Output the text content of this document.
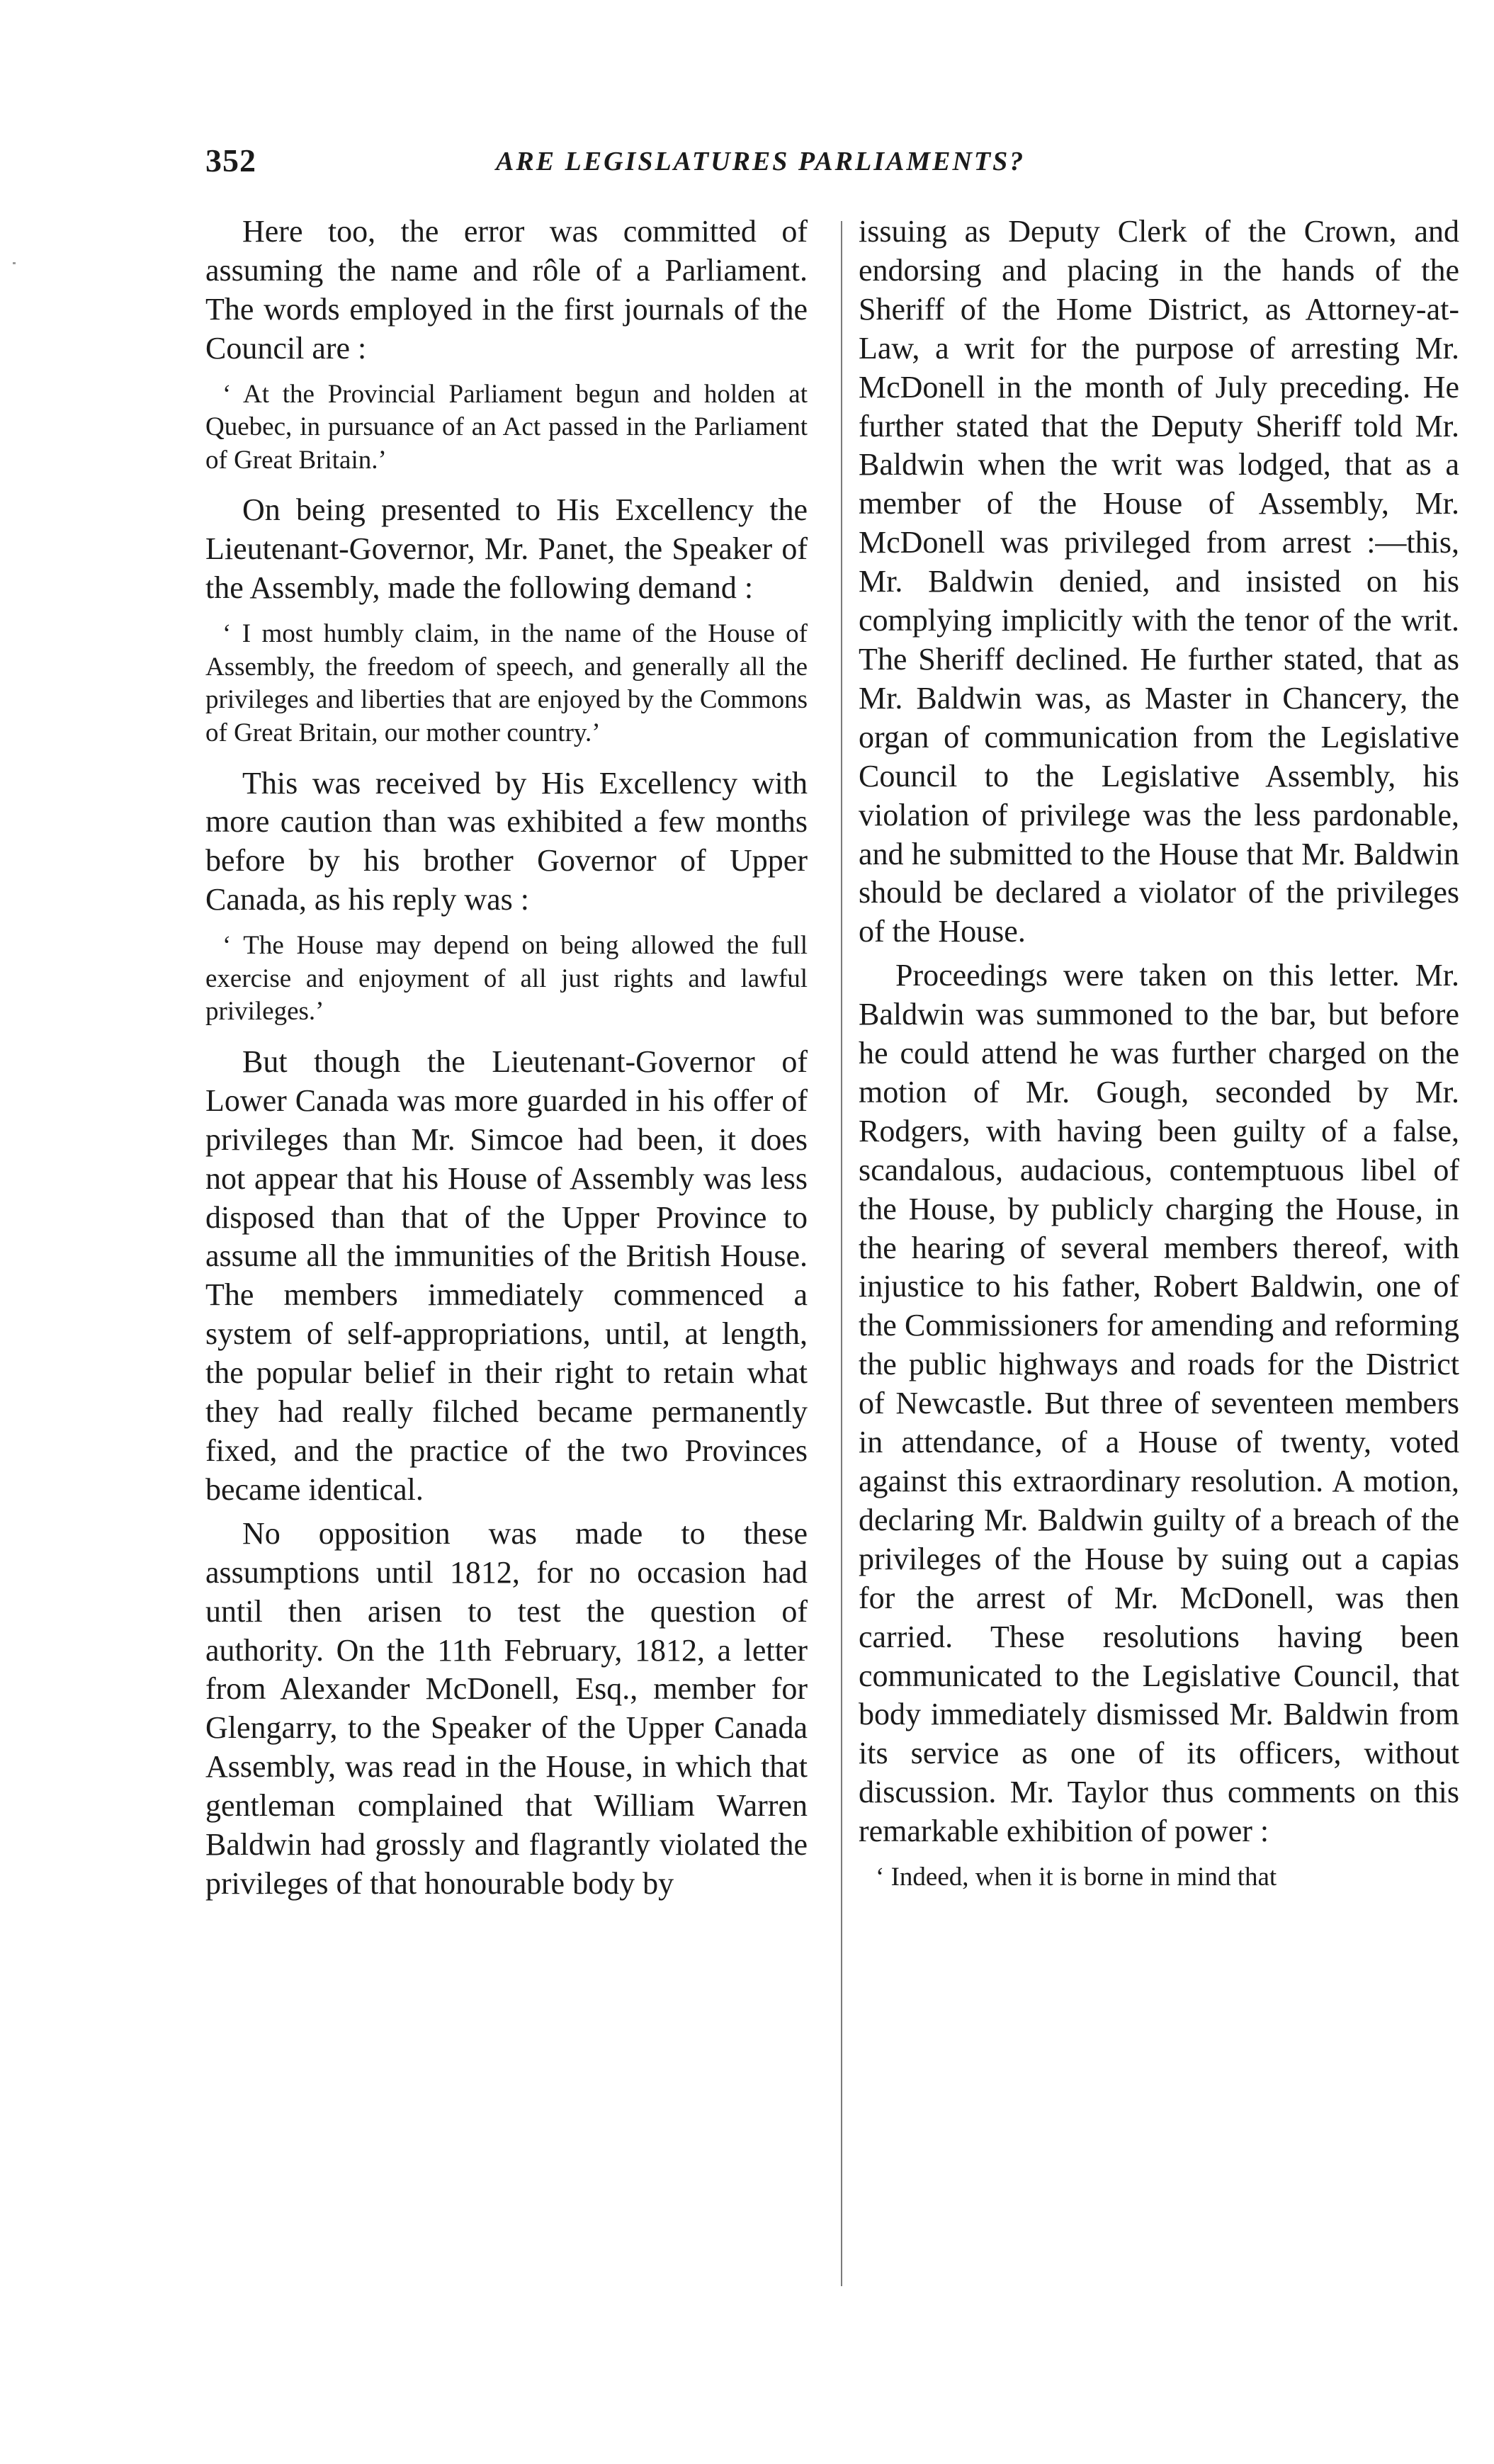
352	ARE LEGISLATURES PARLIAMENTS?

Here too, the error was committed of assuming the name and rôle of a Parliament. The words employed in the first journals of the Council are :

‘ At the Provincial Parliament begun and holden at Quebec, in pursuance of an Act passed in the Parliament of Great Britain.’

On being presented to His Excellency the Lieutenant-Governor, Mr. Panet, the Speaker of the Assembly, made the following demand :

‘ I most humbly claim, in the name of the House of Assembly, the freedom of speech, and generally all the privileges and liberties that are enjoyed by the Commons of Great Britain, our mother country.’

This was received by His Excellency with more caution than was exhibited a few months before by his brother Governor of Upper Canada, as his reply was :

‘ The House may depend on being allowed the full exercise and enjoyment of all just rights and lawful privileges.’

But though the Lieutenant-Governor of Lower Canada was more guarded in his offer of privileges than Mr. Simcoe had been, it does not appear that his House of Assembly was less disposed than that of the Upper Province to assume all the immunities of the British House. The members immediately commenced a system of self-appropriations, until, at length, the popular belief in their right to retain what they had really filched became permanently fixed, and the practice of the two Provinces became identical.

No opposition was made to these assumptions until 1812, for no occasion had until then arisen to test the question of authority. On the 11th February, 1812, a letter from Alexander McDonell, Esq., member for Glengarry, to the Speaker of the Upper Canada Assembly, was read in the House, in which that gentleman complained that William Warren Baldwin had grossly and flagrantly violated the privileges of that honourable body by

issuing as Deputy Clerk of the Crown, and endorsing and placing in the hands of the Sheriff of the Home District, as Attorney-at-Law, a writ for the purpose of arresting Mr. McDonell in the month of July preceding. He further stated that the Deputy Sheriff told Mr. Baldwin when the writ was lodged, that as a member of the House of Assembly, Mr. McDonell was privileged from arrest :—this, Mr. Baldwin denied, and insisted on his complying implicitly with the tenor of the writ. The Sheriff declined. He further stated, that as Mr. Baldwin was, as Master in Chancery, the organ of communication from the Legislative Council to the Legislative Assembly, his violation of privilege was the less pardonable, and he submitted to the House that Mr. Baldwin should be declared a violator of the privileges of the House.

Proceedings were taken on this letter. Mr. Baldwin was summoned to the bar, but before he could attend he was further charged on the motion of Mr. Gough, seconded by Mr. Rodgers, with having been guilty of a false, scandalous, audacious, contemptuous libel of the House, by publicly charging the House, in the hearing of several members thereof, with injustice to his father, Robert Baldwin, one of the Commissioners for amending and reforming the public highways and roads for the District of Newcastle. But three of seventeen members in attendance, of a House of twenty, voted against this extraordinary resolution. A motion, declaring Mr. Baldwin guilty of a breach of the privileges of the House by suing out a capias for the arrest of Mr. McDonell, was then carried. These resolutions having been communicated to the Legislative Council, that body immediately dismissed Mr. Baldwin from its service as one of its officers, without discussion. Mr. Taylor thus comments on this remarkable exhibition of power :

‘ Indeed, when it is borne in mind that
